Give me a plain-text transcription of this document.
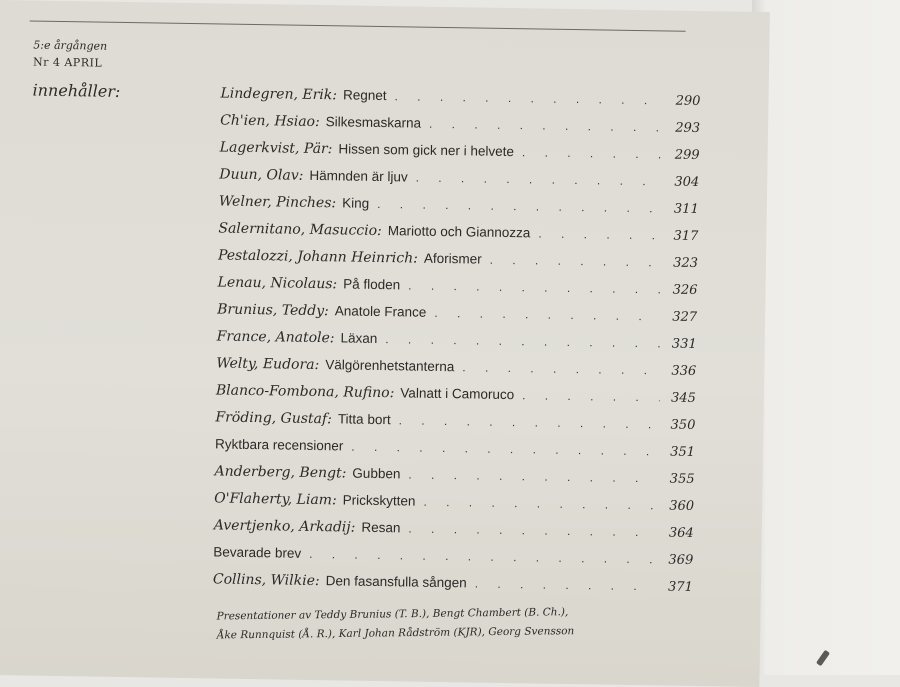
5:e årgången
Nr 4 APRIL
innehåller:	Lindegren, Erik: Regnet . . .	290
Ch'ien, Hsiao: Silkesmaskarna . . .	293
Lagerkvist, Pär: Hissen som gick ner i helvete . . .	299
Duun, Olav: Hämnden är ljuv . . .	304
Welner, Pinches: King . . .	311
Salernitano, Masuccio: Mariotto och Giannozza . . .	317
Pestalozzi, Johann Heinrich: Aforismer . . .	323
Lenau, Nicolaus: På floden . . .	326
Brunius, Teddy: Anatole France . . .	327
France, Anatole: Läxan . . .	331
Welty, Eudora: Välgörenhetstanterna . . .	336
Blanco-Fombona, Rufino: Valnatt i Camoruco . . .	345
Fröding, Gustaf: Titta bort . . .	350
Ryktbara recensioner . . .	351
Anderberg, Bengt: Gubben . . .	355
O'Flaherty, Liam: Prickskytten . . .	360
Avertjenko, Arkadij: Resan . . .	364
Bevarade brev . . .	369
Collins, Wilkie: Den fasansfulla sången . . .	371
Presentationer av Teddy Brunius (T. B.), Bengt Chambert (B. Ch.),
Åke Runnquist (Å. R.), Karl Johan Rådström (KJR), Georg Svensson
